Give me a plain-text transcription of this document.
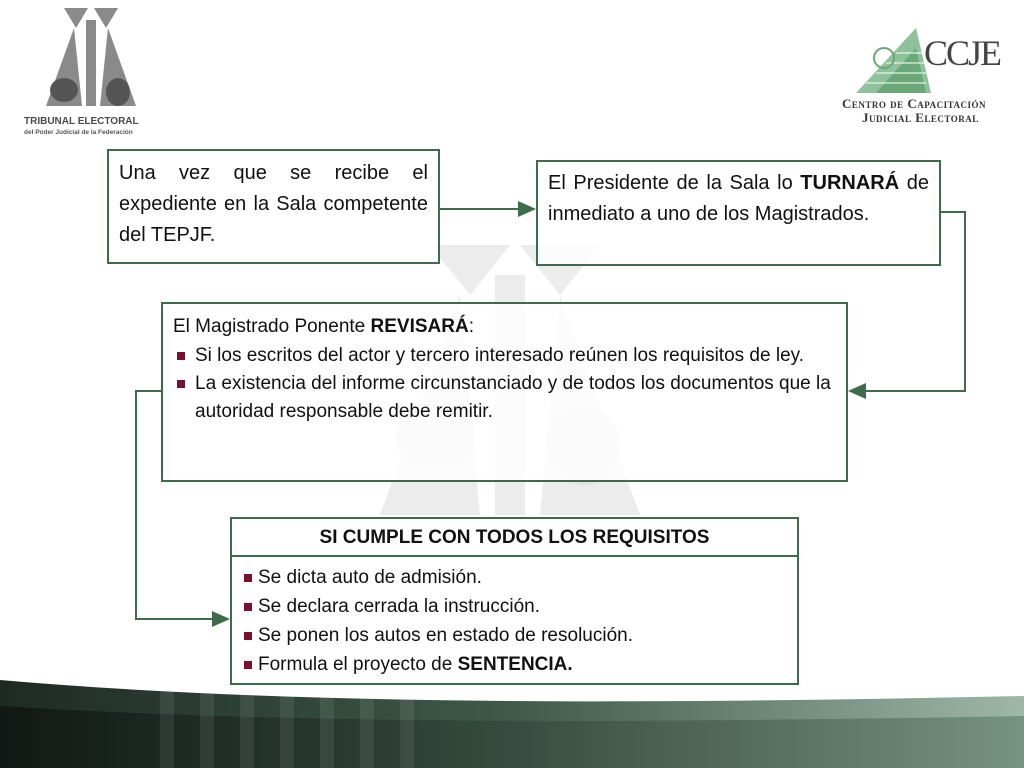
TRIBUNAL ELECTORAL
del Poder Judicial de la Federación
CCJE
Centro de Capacitación
Judicial Electoral
Una vez que se recibe el expediente en la Sala competente del TEPJF.
El Presidente de la Sala lo TURNARÁ de inmediato a uno de los Magistrados.
El Magistrado Ponente REVISARÁ:
Si los escritos del actor y tercero interesado reúnen los requisitos de ley.
La existencia del informe circunstanciado y de todos los documentos que la autoridad responsable debe remitir.
SI CUMPLE CON TODOS LOS REQUISITOS
Se dicta auto de admisión.
Se declara cerrada la instrucción.
Se ponen los autos en estado de resolución.
Formula el proyecto de SENTENCIA.
